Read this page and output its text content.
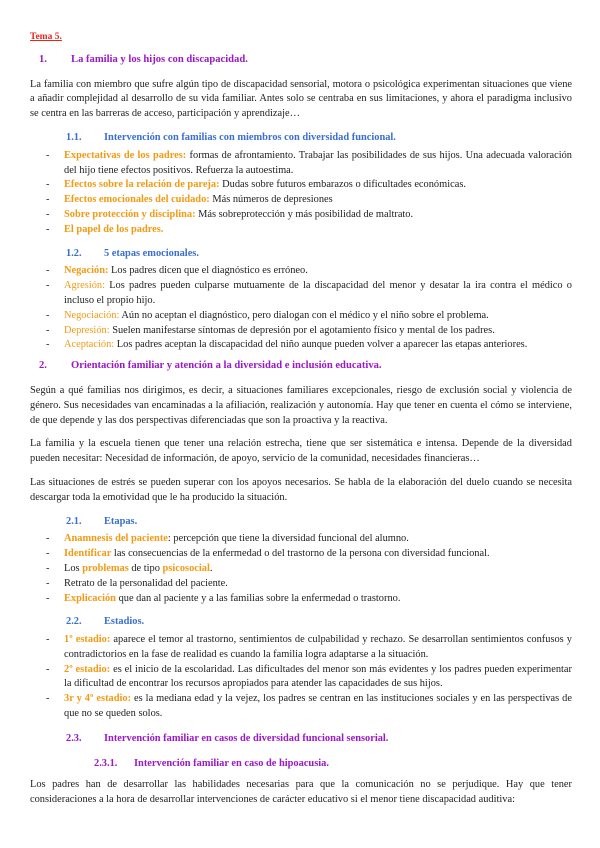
Tema 5.
1.	La familia y los hijos con discapacidad.

La familia con miembro que sufre algún tipo de discapacidad sensorial, motora o psicológica experimentan situaciones que viene a añadir complejidad al desarrollo de su vida familiar. Antes solo se centraba en sus limitaciones, y ahora el paradigma inclusivo se centra en las barreras de acceso, participación y aprendizaje…

1.1.	Intervención con familias con miembros con diversidad funcional.
- Expectativas de los padres: formas de afrontamiento. Trabajar las posibilidades de sus hijos. Una adecuada valoración del hijo tiene efectos positivos. Refuerza la autoestima.
- Efectos sobre la relación de pareja: Dudas sobre futuros embarazos o dificultades económicas.
- Efectos emocionales del cuidado: Más números de depresiones
- Sobre protección y disciplina: Más sobreprotección y más posibilidad de maltrato.
- El papel de los padres.
1.2.	5 etapas emocionales.
- Negación: Los padres dicen que el diagnóstico es erróneo.
- Agresión: Los padres pueden culparse mutuamente de la discapacidad del menor y desatar la ira contra el médico o incluso el propio hijo.
- Negociación: Aún no aceptan el diagnóstico, pero dialogan con el médico y el niño sobre el problema.
- Depresión: Suelen manifestarse síntomas de depresión por el agotamiento físico y mental de los padres.
- Aceptación: Los padres aceptan la discapacidad del niño aunque pueden volver a aparecer las etapas anteriores.
2.	Orientación familiar y atención a la diversidad e inclusión educativa.

Según a qué familias nos dirigimos, es decir, a situaciones familiares excepcionales, riesgo de exclusión social y violencia de género. Sus necesidades van encaminadas a la afiliación, realización y autonomía. Hay que tener en cuenta el cómo se interviene, de que depende y las dos perspectivas diferenciadas que son la proactiva y la reactiva.

La familia y la escuela tienen que tener una relación estrecha, tiene que ser sistemática e intensa. Depende de la diversidad pueden necesitar: Necesidad de información, de apoyo, servicio de la comunidad, necesidades financieras…

Las situaciones de estrés se pueden superar con los apoyos necesarios. Se habla de la elaboración del duelo cuando se necesita descargar toda la emotividad que le ha producido la situación.

2.1.	Etapas.
- Anamnesis del paciente: percepción que tiene la diversidad funcional del alumno.
- Identificar las consecuencias de la enfermedad o del trastorno de la persona con diversidad funcional.
- Los problemas de tipo psicosocial.
- Retrato de la personalidad del paciente.
- Explicación que dan al paciente y a las familias sobre la enfermedad o trastorno.
2.2.	Estadios.
- 1º estadio: aparece el temor al trastorno, sentimientos de culpabilidad y rechazo. Se desarrollan sentimientos confusos y contradictorios en la fase de realidad es cuando la familia logra adaptarse a la situación.
- 2º estadio: es el inicio de la escolaridad. Las dificultades del menor son más evidentes y los padres pueden experimentar la dificultad de encontrar los recursos apropiados para atender las capacidades de sus hijos.
- 3r y 4º estadio: es la mediana edad y la vejez, los padres se centran en las instituciones sociales y en las perspectivas de que no se queden solos.
2.3.	Intervención familiar en casos de diversidad funcional sensorial.
2.3.1.	Intervención familiar en caso de hipoacusia.

Los padres han de desarrollar las habilidades necesarias para que la comunicación no se perjudique. Hay que tener consideraciones a la hora de desarrollar intervenciones de carácter educativo si el menor tiene discapacidad auditiva:
